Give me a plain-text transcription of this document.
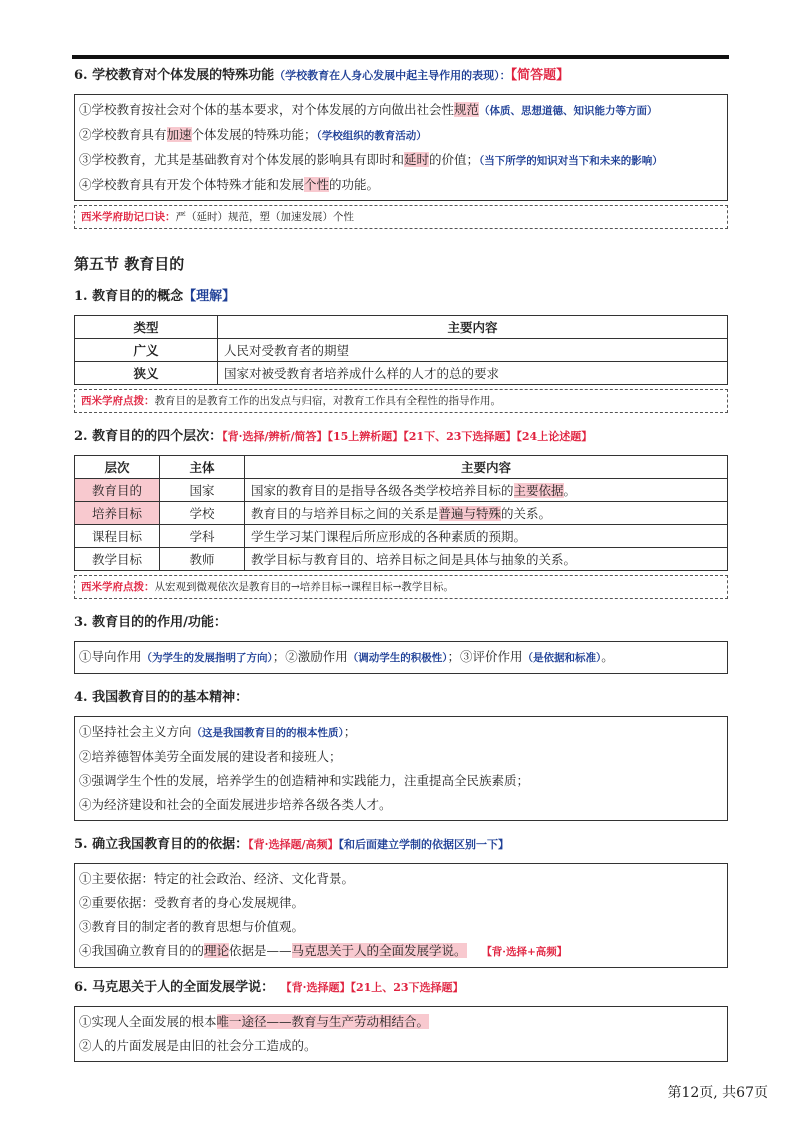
6. 学校教育对个体发展的特殊功能（学校教育在人身心发展中起主导作用的表现）：【简答题】
①学校教育按社会对个体的基本要求，对个体发展的方向做出社会性规范（体质、思想道德、知识能力等方面）
②学校教育具有加速个体发展的特殊功能；（学校组织的教育活动）
③学校教育，尤其是基础教育对个体发展的影响具有即时和延时的价值；（当下所学的知识对当下和未来的影响）
④学校教育具有开发个体特殊才能和发展个性的功能。
西米学府助记口诀：严（延时）规范，塑（加速发展）个性
第五节 教育目的
1. 教育目的的概念【理解】
类型	主要内容
广义	人民对受教育者的期望
狭义	国家对被受教育者培养成什么样的人才的总的要求
西米学府点拨：教育目的是教育工作的出发点与归宿，对教育工作具有全程性的指导作用。
2. 教育目的的四个层次：【背·选择/辨析/简答】【15上辨析题】【21下、23下选择题】【24上论述题】
层次	主体	主要内容
教育目的	国家	国家的教育目的是指导各级各类学校培养目标的主要依据。
培养目标	学校	教育目的与培养目标之间的关系是普遍与特殊的关系。
课程目标	学科	学生学习某门课程后所应形成的各种素质的预期。
教学目标	教师	教学目标与教育目的、培养目标之间是具体与抽象的关系。
西米学府点拨：从宏观到微观依次是教育目的→培养目标→课程目标→教学目标。
3. 教育目的的作用/功能：
①导向作用（为学生的发展指明了方向）；②激励作用（调动学生的积极性）；③评价作用（是依据和标准）。
4. 我国教育目的的基本精神：
①坚持社会主义方向（这是我国教育目的的根本性质）；
②培养德智体美劳全面发展的建设者和接班人；
③强调学生个性的发展，培养学生的创造精神和实践能力，注重提高全民族素质；
④为经济建设和社会的全面发展进步培养各级各类人才。
5. 确立我国教育目的的依据：【背·选择题/高频】【和后面建立学制的依据区别一下】
①主要依据：特定的社会政治、经济、文化背景。
②重要依据：受教育者的身心发展规律。
③教育目的制定者的教育思想与价值观。
④我国确立教育目的的理论依据是——马克思关于人的全面发展学说。 【背·选择+高频】
6. 马克思关于人的全面发展学说： 【背·选择题】【21上、23下选择题】
①实现人全面发展的根本唯一途径——教育与生产劳动相结合。
②人的片面发展是由旧的社会分工造成的。
第12页, 共67页
